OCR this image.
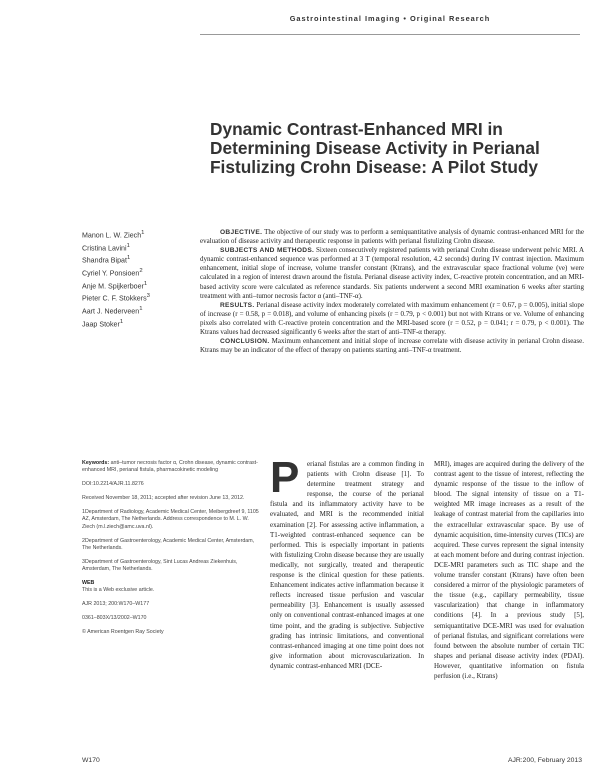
Gastrointestinal Imaging • Original Research
Dynamic Contrast-Enhanced MRI in Determining Disease Activity in Perianal Fistulizing Crohn Disease: A Pilot Study
Manon L. W. Ziech$^1$
Cristina Lavini$^1$
Shandra Bipat$^1$
Cyriel Y. Ponsioen$^2$
Anje M. Spijkerboer$^1$
Pieter C. F. Stokkers$^3$
Aart J. Nederveen$^1$
Jaap Stoker$^1$

OBJECTIVE. The objective of our study was to perform a semiquantitative analysis of dynamic contrast-enhanced MRI for the evaluation of disease activity and therapeutic response in patients with perianal fistulizing Crohn disease.

SUBJECTS AND METHODS. Sixteen consecutively registered patients with perianal Crohn disease underwent pelvic MRI. A dynamic contrast-enhanced sequence was performed at 3 T (temporal resolution, 4.2 seconds) during IV contrast injection. Maximum enhancement, initial slope of increase, volume transfer constant (Ktrans), and the extravascular space fractional volume (ve) were calculated in a region of interest drawn around the fistula. Perianal disease activity index, C-reactive protein concentration, and an MRI-based activity score were calculated as reference standards. Six patients underwent a second MRI examination 6 weeks after starting treatment with anti–tumor necrosis factor α (anti–TNF-α).

RESULTS. Perianal disease activity index moderately correlated with maximum enhancement (r = 0.67, p = 0.005), initial slope of increase (r = 0.58, p = 0.018), and volume of enhancing pixels (r = 0.79, p < 0.001) but not with Ktrans or ve. Volume of enhancing pixels also correlated with C-reactive protein concentration and the MRI-based score (r = 0.52, p = 0.041; r = 0.79, p < 0.001). The Ktrans values had decreased significantly 6 weeks after the start of anti–TNF-α therapy.

CONCLUSION. Maximum enhancement and initial slope of increase correlate with disease activity in perianal Crohn disease. Ktrans may be an indicator of the effect of therapy on patients starting anti–TNF-α treatment.

Keywords: anti–tumor necrosis factor α, Crohn disease, dynamic contrast-enhanced MRI, perianal fistula, pharmacokinetic modeling

DOI:10.2214/AJR.11.8276

Received November 18, 2011; accepted after revision June 13, 2012.

1Department of Radiology, Academic Medical Center, Meibergdreef 9, 1105 AZ, Amsterdam, The Netherlands. Address correspondence to M. L. W. Ziech (m.l.ziech@amc.uva.nl).

2Department of Gastroenterology, Academic Medical Center, Amsterdam, The Netherlands.

3Department of Gastroenterology, Sint Lucas Andreas Ziekenhuis, Amsterdam, The Netherlands.

WEB

This is a Web exclusive article.

AJR 2013; 200:W170–W177

0361–803X/13/2002–W170

© American Roentgen Ray Society

P	erianal fistulas are a common finding in patients with Crohn disease [1]. To determine treatment strategy and response, the course of the perianal fistula and its inflammatory activity have to be evaluated, and MRI is the recommended initial examination [2]. For assessing active inflammation, a T1-weighted contrast-enhanced sequence can be performed. This is especially important in patients with fistulizing Crohn disease because they are usually medically, not surgically, treated and therapeutic response is the clinical question for these patients. Enhancement indicates active inflammation because it reflects increased tissue perfusion and vascular permeability [3]. Enhancement is usually assessed only on conventional contrast-enhanced images at one time point, and the grading is subjective. Subjective grading has intrinsic limitations, and conventional contrast-enhanced imaging at one time point does not give information about microvascularization. In dynamic contrast-enhanced MRI (DCE-

MRI), images are acquired during the delivery of the contrast agent to the tissue of interest, reflecting the dynamic response of the tissue to the inflow of blood. The signal intensity of tissue on a T1-weighted MR image increases as a result of the leakage of contrast material from the capillaries into the extracellular extravascular space. By use of dynamic acquisition, time-intensity curves (TICs) are acquired. These curves represent the signal intensity at each moment before and during contrast injection. DCE-MRI parameters such as TIC shape and the volume transfer constant (Ktrans) have often been considered a mirror of the physiologic parameters of the tissue (e.g., capillary permeability, tissue vascularization) that change in inflammatory conditions [4]. In a previous study [5], semiquantitative DCE-MRI was used for evaluation of perianal fistulas, and significant correlations were found between the absolute number of certain TIC shapes and perianal disease activity index (PDAI). However, quantitative information on fistula perfusion (i.e., Ktrans)

W170	AJR:200, February 2013
